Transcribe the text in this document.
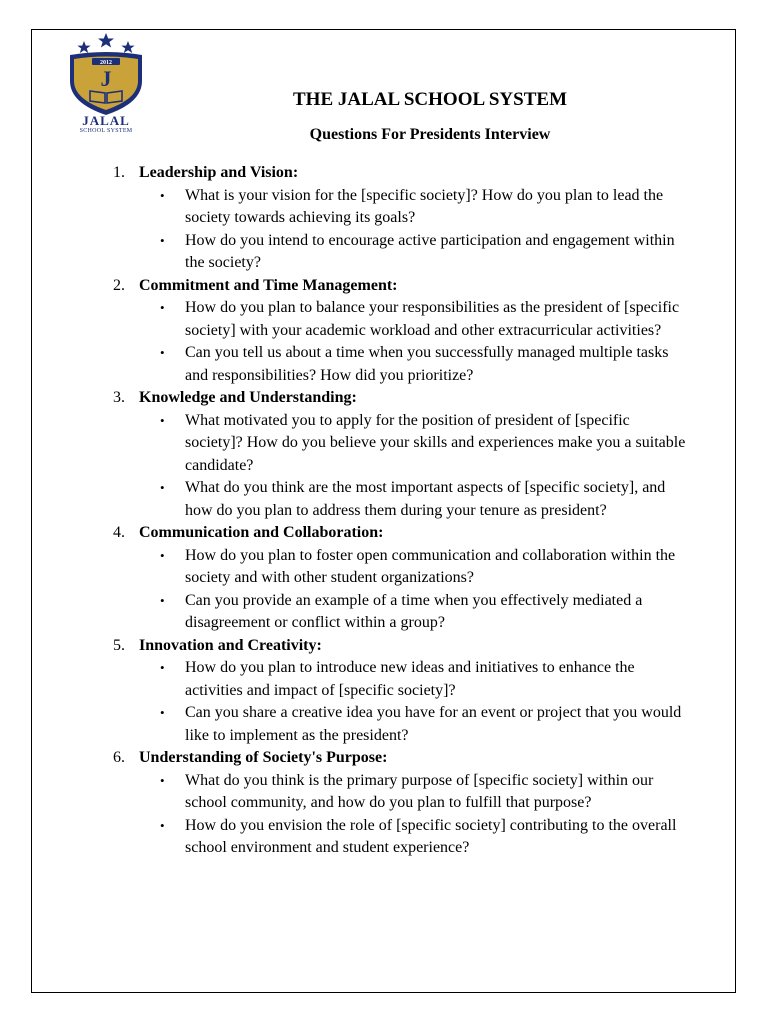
2012
J
JALAL
SCHOOL SYSTEM
THE JALAL SCHOOL SYSTEM
Questions For Presidents Interview
1. Leadership and Vision:
•	What is your vision for the [specific society]? How do you plan to lead the society towards achieving its goals?
•	How do you intend to encourage active participation and engagement within the society?
2. Commitment and Time Management:
•	How do you plan to balance your responsibilities as the president of [specific society] with your academic workload and other extracurricular activities?
•	Can you tell us about a time when you successfully managed multiple tasks and responsibilities? How did you prioritize?
3. Knowledge and Understanding:
•	What motivated you to apply for the position of president of [specific society]? How do you believe your skills and experiences make you a suitable candidate?
•	What do you think are the most important aspects of [specific society], and how do you plan to address them during your tenure as president?
4. Communication and Collaboration:
•	How do you plan to foster open communication and collaboration within the society and with other student organizations?
•	Can you provide an example of a time when you effectively mediated a disagreement or conflict within a group?
5. Innovation and Creativity:
•	How do you plan to introduce new ideas and initiatives to enhance the activities and impact of [specific society]?
•	Can you share a creative idea you have for an event or project that you would like to implement as the president?
6. Understanding of Society's Purpose:
•	What do you think is the primary purpose of [specific society] within our school community, and how do you plan to fulfill that purpose?
•	How do you envision the role of [specific society] contributing to the overall school environment and student experience?
